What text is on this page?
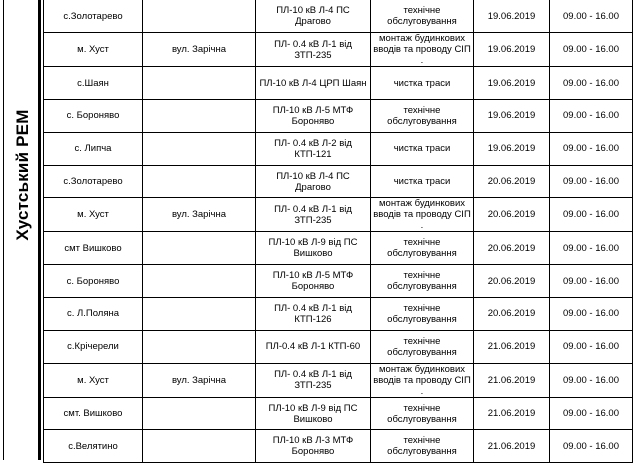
Хустський РЕМ
с.Золотарево		ПЛ-10 кВ Л-4 ПС Драгово	технічне обслуговування	19.06.2019	09.00 - 16.00
м. Хуст	вул. Зарічна	ПЛ- 0.4 кВ Л-1 від ЗТП-235	монтаж будинкових вводів та проводу СІП .	19.06.2019	09.00 - 16.00
с.Шаян		ПЛ-10 кВ Л-4 ЦРП Шаян	чистка траси	19.06.2019	09.00 - 16.00
с. Бороняво		ПЛ-10 кВ Л-5 МТФ Бороняво	технічне обслуговування	19.06.2019	09.00 - 16.00
с. Липча		ПЛ- 0.4 кВ Л-2 від КТП-121	чистка траси	19.06.2019	09.00 - 16.00
с.Золотарево		ПЛ-10 кВ Л-4 ПС Драгово	чистка траси	20.06.2019	09.00 - 16.00
м. Хуст	вул. Зарічна	ПЛ- 0.4 кВ Л-1 від ЗТП-235	монтаж будинкових вводів та проводу СІП .	20.06.2019	09.00 - 16.00
смт Вишково		ПЛ-10 кВ Л-9 від ПС Вишково	технічне обслуговування	20.06.2019	09.00 - 16.00
с. Бороняво		ПЛ-10 кВ Л-5 МТФ Бороняво	технічне обслуговування	20.06.2019	09.00 - 16.00
с. Л.Поляна		ПЛ- 0.4 кВ Л-1 від КТП-126	технічне обслуговування	20.06.2019	09.00 - 16.00
с.Крічерели		ПЛ-0.4 кВ Л-1 КТП-60	технічне обслуговування	21.06.2019	09.00 - 16.00
м. Хуст	вул. Зарічна	ПЛ- 0.4 кВ Л-1 від ЗТП-235	монтаж будинкових вводів та проводу СІП .	21.06.2019	09.00 - 16.00
смт. Вишково		ПЛ-10 кВ Л-9 від ПС Вишково	технічне обслуговування	21.06.2019	09.00 - 16.00
с.Велятино		ПЛ-10 кВ Л-3 МТФ Бороняво	технічне обслуговування	21.06.2019	09.00 - 16.00
